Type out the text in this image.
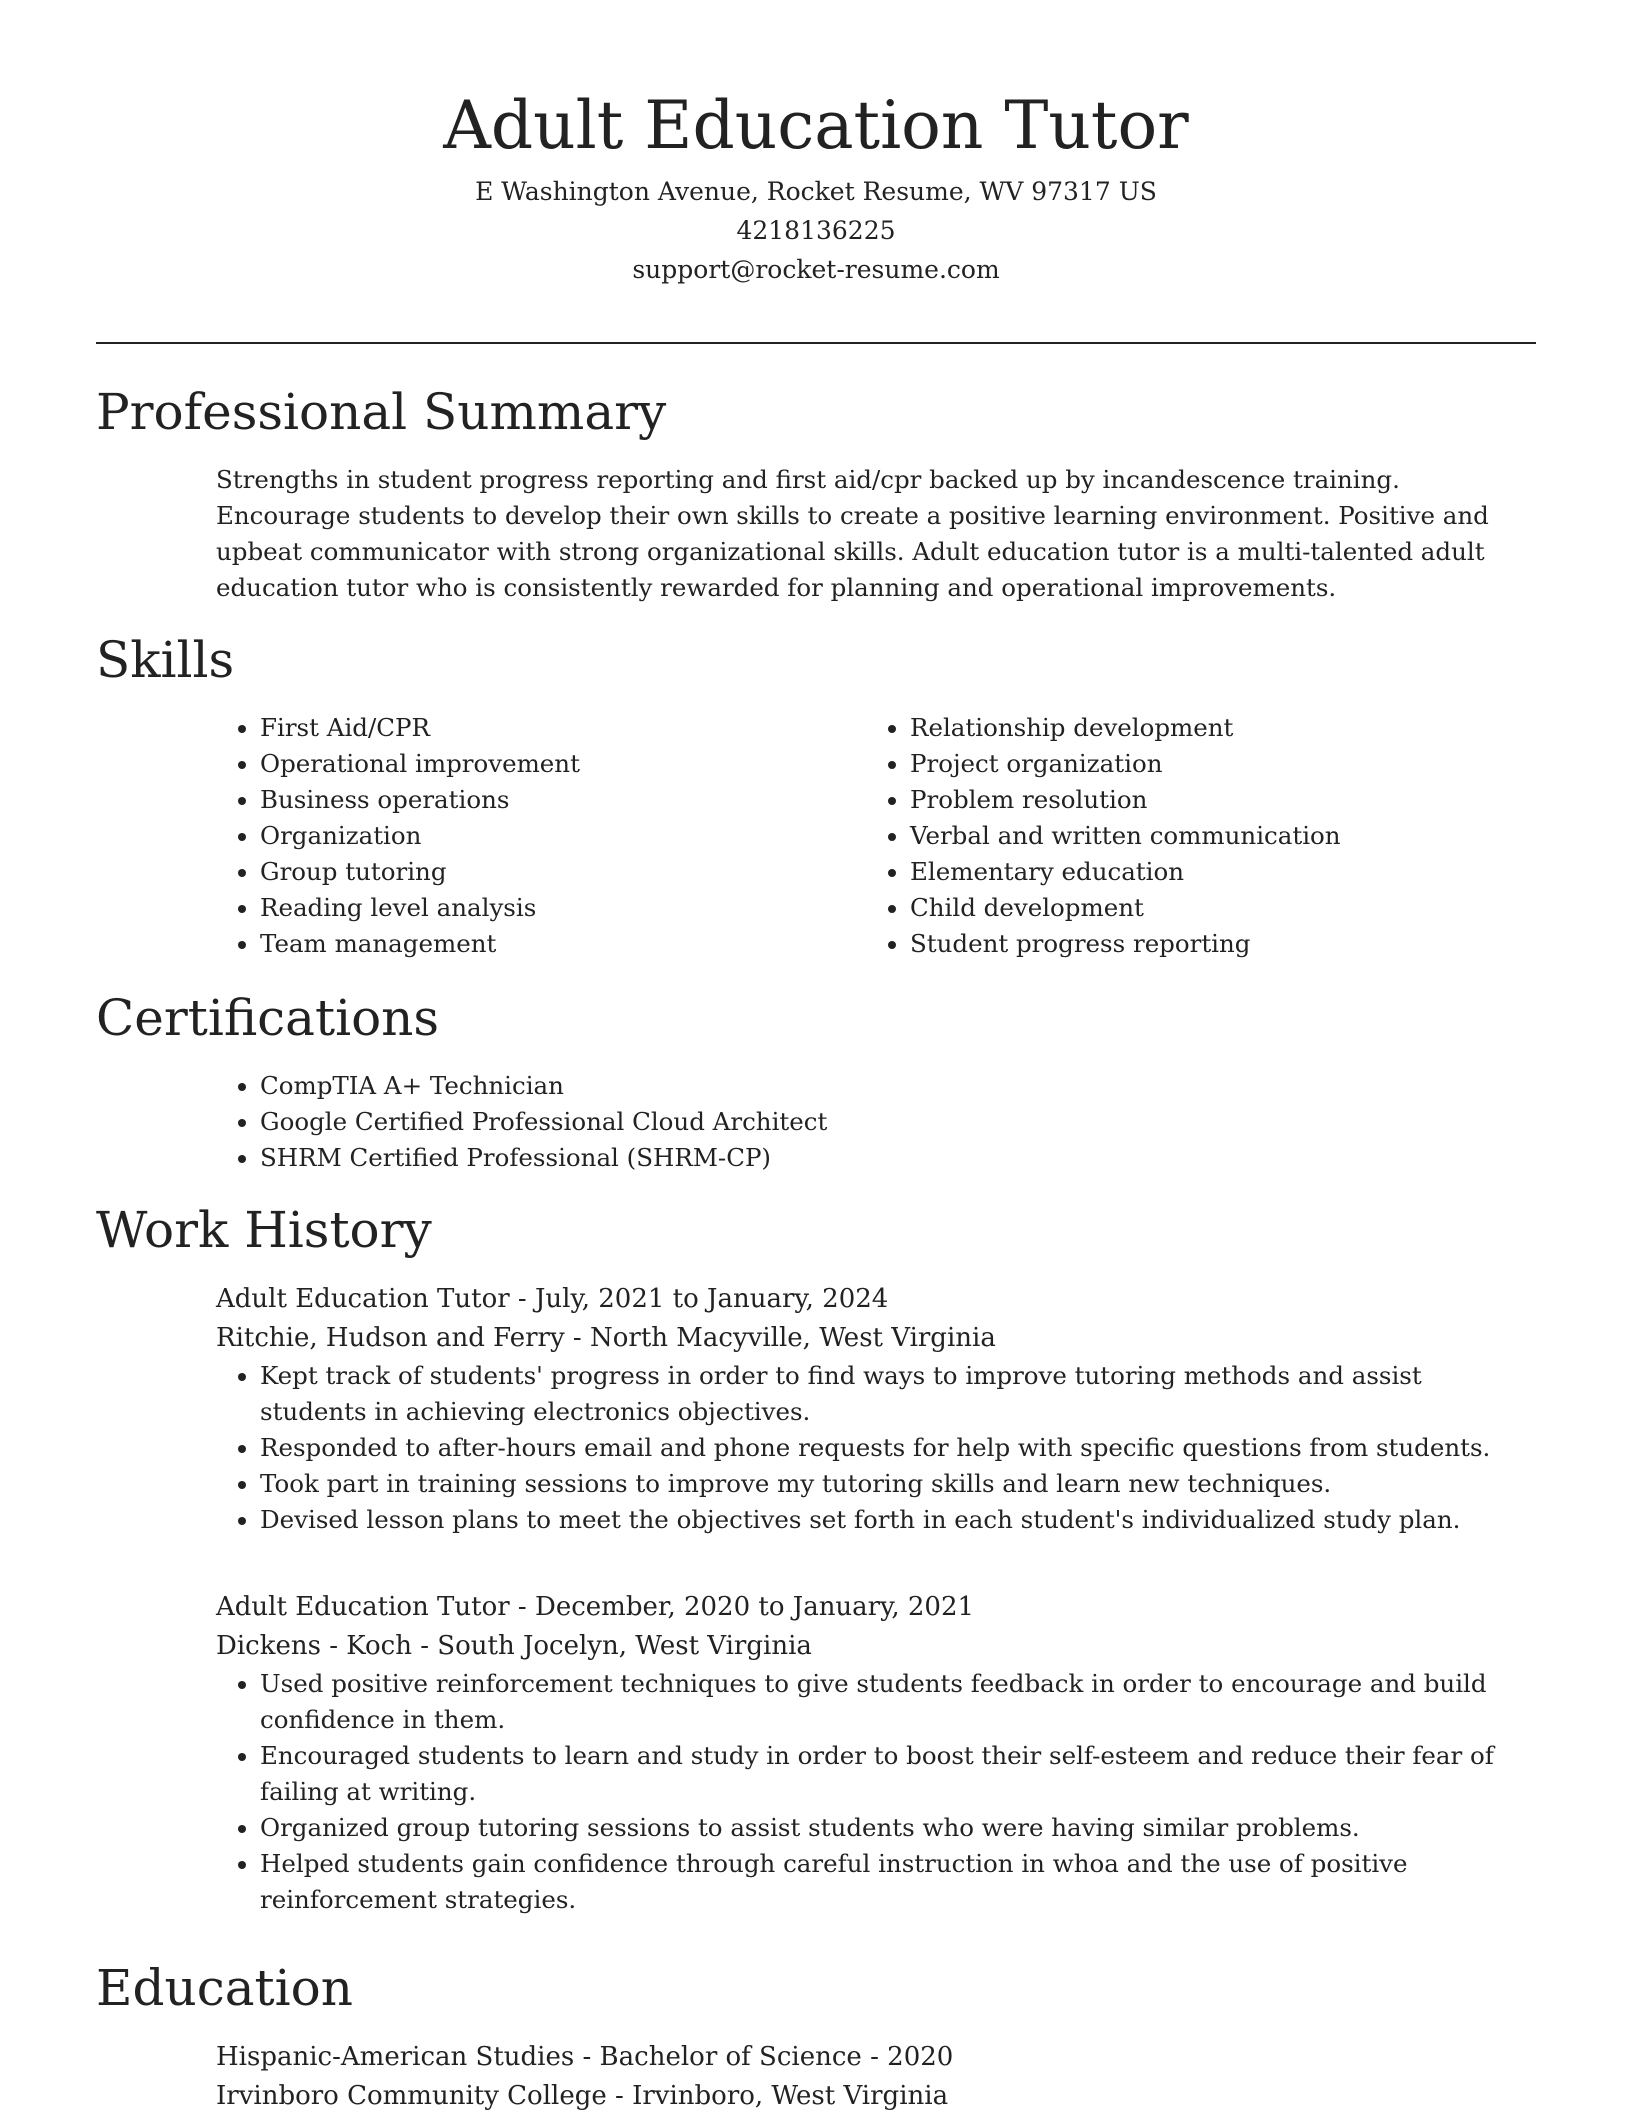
Adult Education Tutor

E Washington Avenue, Rocket Resume, WV 97317 US

4218136225

support@rocket-resume.com

Professional Summary

Strengths in student progress reporting and first aid/cpr backed up by incandescence training. Encourage students to develop their own skills to create a positive learning environment. Positive and upbeat communicator with strong organizational skills. Adult education tutor is a multi-talented adult education tutor who is consistently rewarded for planning and operational improvements.

Skills
• First Aid/CPR
• Operational improvement
• Business operations
• Organization
• Group tutoring
• Reading level analysis
• Team management
• Relationship development
• Project organization
• Problem resolution
• Verbal and written communication
• Elementary education
• Child development
• Student progress reporting
Certifications
• CompTIA A+ Technician
• Google Certified Professional Cloud Architect
• SHRM Certified Professional (SHRM-CP)
Work History

Adult Education Tutor - July, 2021 to January, 2024

Ritchie, Hudson and Ferry - North Macyville, West Virginia

• Kept track of students' progress in order to find ways to improve tutoring methods and assist students in achieving electronics objectives.
• Responded to after-hours email and phone requests for help with specific questions from students.
• Took part in training sessions to improve my tutoring skills and learn new techniques.
• Devised lesson plans to meet the objectives set forth in each student's individualized study plan.

Adult Education Tutor - December, 2020 to January, 2021

Dickens - Koch - South Jocelyn, West Virginia

• Used positive reinforcement techniques to give students feedback in order to encourage and build confidence in them.
• Encouraged students to learn and study in order to boost their self-esteem and reduce their fear of failing at writing.
• Organized group tutoring sessions to assist students who were having similar problems.
• Helped students gain confidence through careful instruction in whoa and the use of positive reinforcement strategies.
Education

Hispanic-American Studies - Bachelor of Science - 2020

Irvinboro Community College - Irvinboro, West Virginia
